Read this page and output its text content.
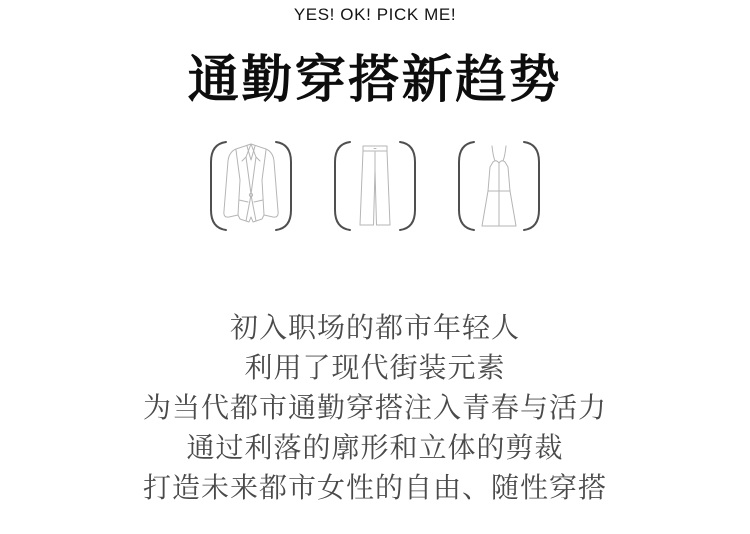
YES! OK! PICK ME!
通勤穿搭新趋势
初入职场的都市年轻人
利用了现代街装元素
为当代都市通勤穿搭注入青春与活力
通过利落的廓形和立体的剪裁
打造未来都市女性的自由、随性穿搭
